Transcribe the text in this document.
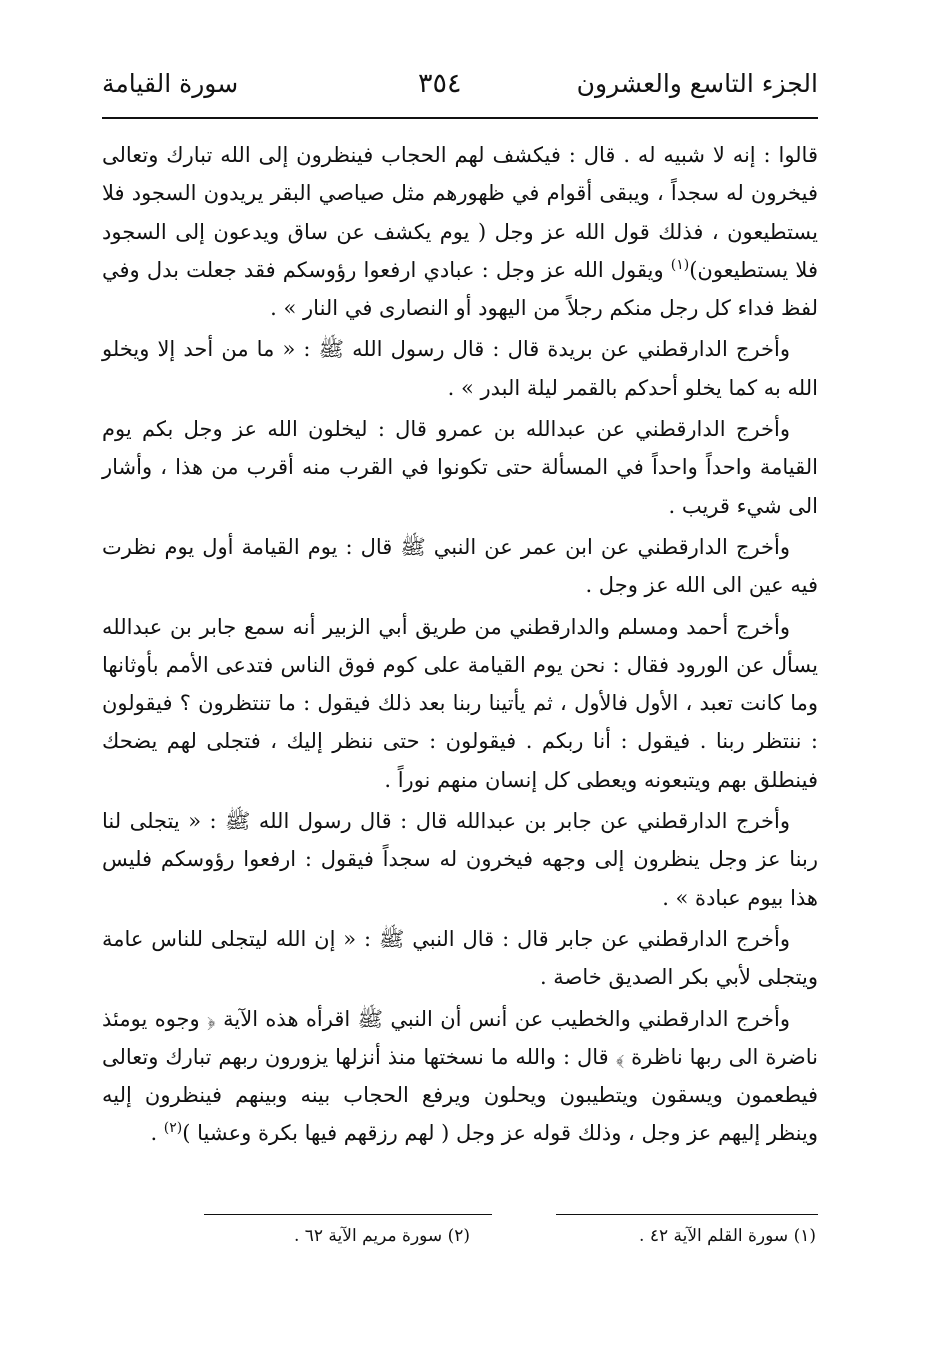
الجزء التاسع والعشرون
٣٥٤
سورة القيامة

قالوا : إنه لا شبيه له . قال : فيكشف لهم الحجاب فينظرون إلى الله تبارك وتعالى فيخرون له سجداً ، ويبقى أقوام في ظهورهم مثل صياصي البقر يريدون السجود فلا يستطيعون ، فذلك قول الله عز وجل ( يوم يكشف عن ساق ويدعون إلى السجود فلا يستطيعون)$^{(١)}$ ويقول الله عز وجل : عبادي ارفعوا رؤوسكم فقد جعلت بدل وفي لفظ فداء كل رجل منكم رجلاً من اليهود أو النصارى في النار » .

وأخرج الدارقطني عن بريدة قال : قال رسول الله ﷺ : « ما من أحد إلا ويخلو الله به كما يخلو أحدكم بالقمر ليلة البدر » .

وأخرج الدارقطني عن عبدالله بن عمرو قال : ليخلون الله عز وجل بكم يوم القيامة واحداً واحداً في المسألة حتى تكونوا في القرب منه أقرب من هذا ، وأشار الى شيء قريب .

وأخرج الدارقطني عن ابن عمر عن النبي ﷺ قال : يوم القيامة أول يوم نظرت فيه عين الى الله عز وجل .

وأخرج أحمد ومسلم والدارقطني من طريق أبي الزبير أنه سمع جابر بن عبدالله يسأل عن الورود فقال : نحن يوم القيامة على كوم فوق الناس فتدعى الأمم بأوثانها وما كانت تعبد ، الأول فالأول ، ثم يأتينا ربنا بعد ذلك فيقول : ما تنتظرون ؟ فيقولون : ننتظر ربنا . فيقول : أنا ربكم . فيقولون : حتى ننظر إليك ، فتجلى لهم يضحك فينطلق بهم ويتبعونه ويعطى كل إنسان منهم نوراً .

وأخرج الدارقطني عن جابر بن عبدالله قال : قال رسول الله ﷺ : « يتجلى لنا ربنا عز وجل ينظرون إلى وجهه فيخرون له سجداً فيقول : ارفعوا رؤوسكم فليس هذا بيوم عبادة » .

وأخرج الدارقطني عن جابر قال : قال النبي ﷺ : « إن الله ليتجلى للناس عامة ويتجلى لأبي بكر الصديق خاصة .

وأخرج الدارقطني والخطيب عن أنس أن النبي ﷺ اقرأه هذه الآية ﴿ وجوه يومئذ ناضرة الى ربها ناظرة ﴾ قال : والله ما نسختها منذ أنزلها يزورون ربهم تبارك وتعالى فيطعمون ويسقون ويتطيبون ويحلون ويرفع الحجاب بينه وبينهم فينظرون إليه وينظر إليهم عز وجل ، وذلك قوله عز وجل ( لهم رزقهم فيها بكرة وعشيا )$^{(٢)}$ .

(١) سورة القلم الآية ٤٢ .
(٢) سورة مريم الآية ٦٢ .
